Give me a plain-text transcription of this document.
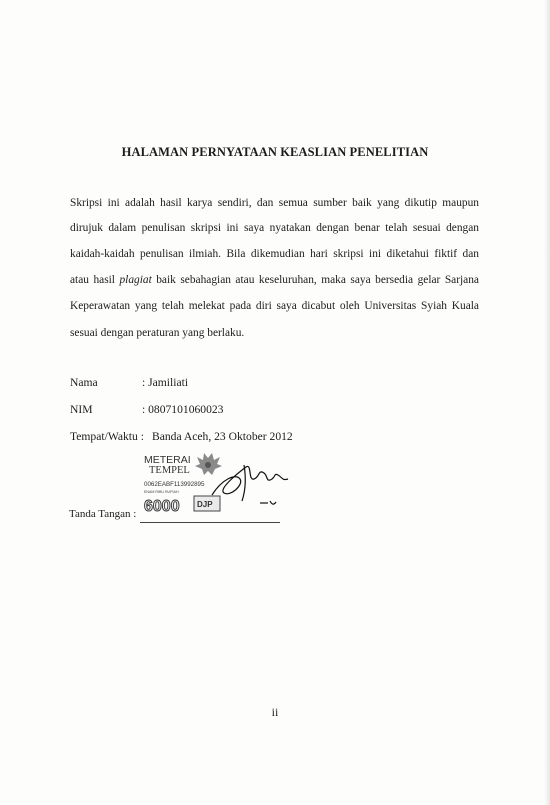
HALAMAN PERNYATAAN KEASLIAN PENELITIAN
Skripsi ini adalah hasil karya sendiri, dan semua sumber baik yang dikutip maupun
dirujuk dalam penulisan skripsi ini saya nyatakan dengan benar telah sesuai dengan
kaidah-kaidah penulisan ilmiah. Bila dikemudian hari skripsi ini diketahui fiktif dan
atau hasil plagiat baik sebahagian atau keseluruhan, maka saya bersedia gelar Sarjana
Keperawatan yang telah melekat pada diri saya dicabut oleh Universitas Syiah Kuala
sesuai dengan peraturan yang berlaku.
Nama	: Jamiliati
NIM	: 0807101060023
Tempat/Waktu : Banda Aceh, 23 Oktober 2012
METERAI
TEMPEL
0062EABF113992895
ENAM RIBU RUPIAH
6000 DJP
Tanda Tangan :
ii
